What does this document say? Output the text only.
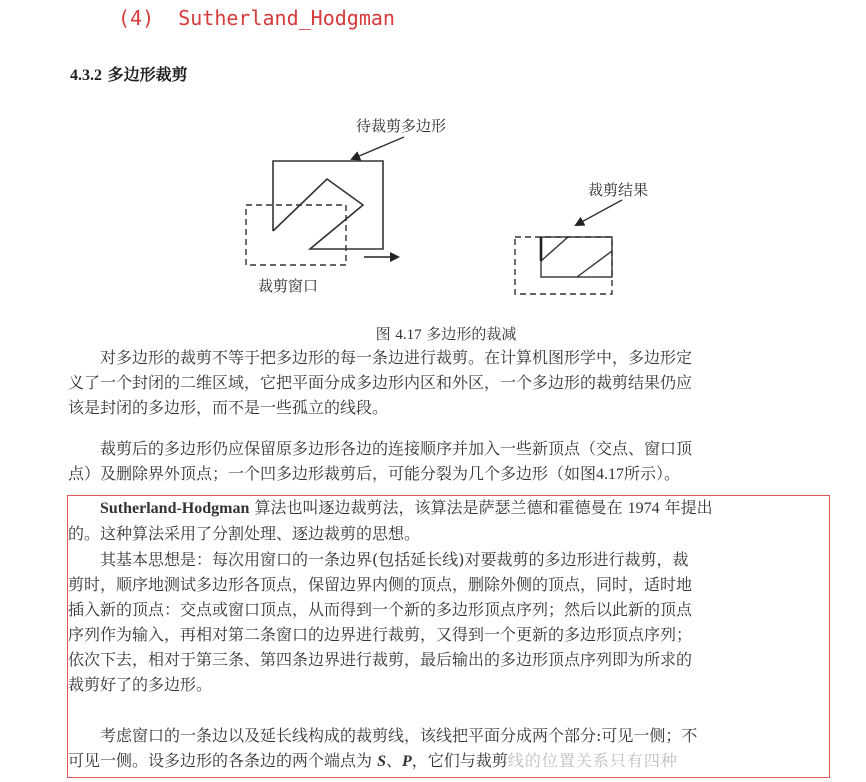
(4) Sutherland_Hodgman
4.3.2 多边形裁剪
待裁剪多边形
裁剪窗口
裁剪结果
图 4.17 多边形的裁减

对多边形的裁剪不等于把多边形的每一条边进行裁剪。在计算机图形学中，多边形定

义了一个封闭的二维区域，它把平面分成多边形内区和外区，一个多边形的裁剪结果仍应

该是封闭的多边形，而不是一些孤立的线段。

裁剪后的多边形仍应保留原多边形各边的连接顺序并加入一些新顶点（交点、窗口顶

点）及删除界外顶点；一个凹多边形裁剪后，可能分裂为几个多边形（如图4.17所示）。

Sutherland-Hodgman 算法也叫逐边裁剪法，该算法是萨瑟兰德和霍德曼在 1974 年提出

的。这种算法采用了分割处理、逐边裁剪的思想。

其基本思想是：每次用窗口的一条边界(包括延长线)对要裁剪的多边形进行裁剪，裁

剪时，顺序地测试多边形各顶点，保留边界内侧的顶点，删除外侧的顶点，同时，适时地

插入新的顶点：交点或窗口顶点，从而得到一个新的多边形顶点序列；然后以此新的顶点

序列作为输入，再相对第二条窗口的边界进行裁剪，又得到一个更新的多边形顶点序列；

依次下去，相对于第三条、第四条边界进行裁剪，最后输出的多边形顶点序列即为所求的

裁剪好了的多边形。

考虑窗口的一条边以及延长线构成的裁剪线，该线把平面分成两个部分:可见一侧；不

可见一侧。设多边形的各条边的两个端点为 S、P，它们与裁剪线的位置关系只有四种
